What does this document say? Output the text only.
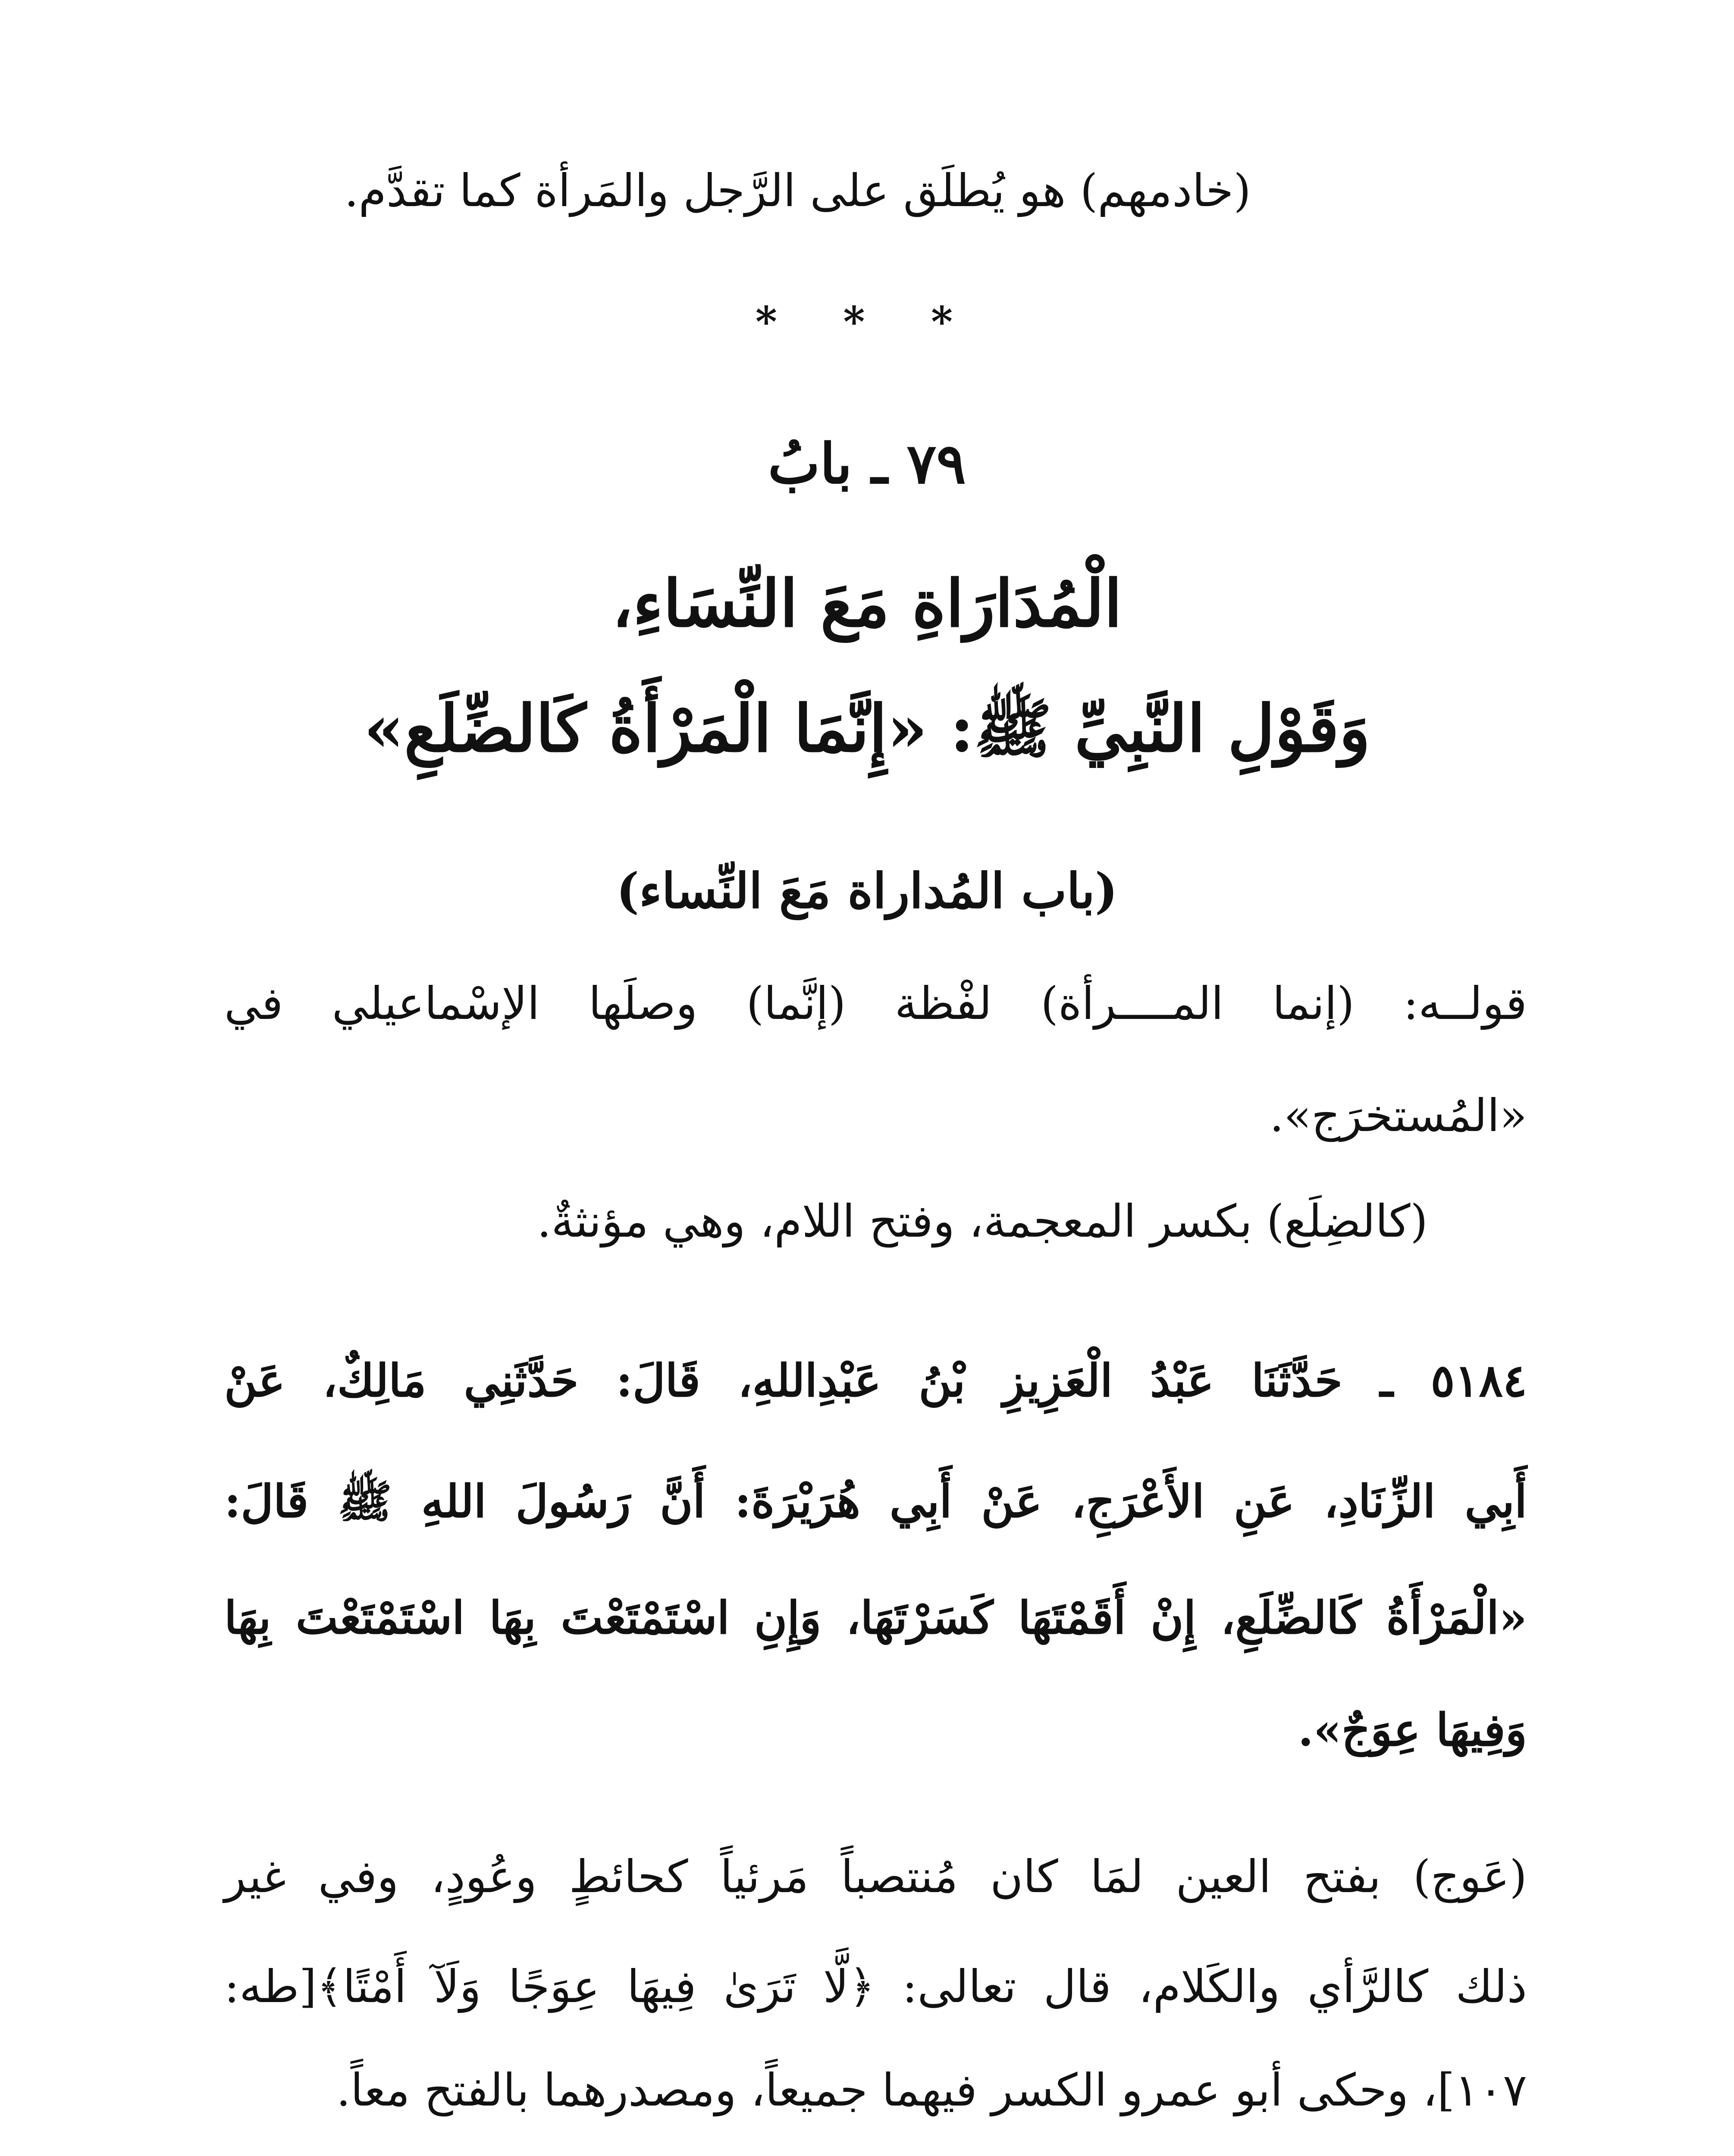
(خادمهم) هو يُطلَق على الرَّجل والمَرأة كما تقدَّم.
* * *
٧٩ ـ بابُ
الْمُدَارَاةِ مَعَ النِّسَاءِ،
وَقَوْلِ النَّبِيِّ ﷺ: «إِنَّمَا الْمَرْأَةُ كَالضِّلَعِ»
(باب المُداراة مَعَ النِّساء)
قولــه: (إنما المــــرأة) لفْظة (إنَّما) وصلَها الإسْماعيلي في
«المُستخرَج».
(كالضِلَع) بكسر المعجمة، وفتح اللام، وهي مؤنثةٌ.
٥١٨٤ ـ حَدَّثَنَا عَبْدُ الْعَزِيزِ بْنُ عَبْدِاللهِ، قَالَ: حَدَّثَنِي مَالِكٌ، عَنْ
أَبِي الزِّنَادِ، عَنِ الأَعْرَجِ، عَنْ أَبِي هُرَيْرَةَ: أَنَّ رَسُولَ اللهِ ﷺ قَالَ:
«الْمَرْأَةُ كَالضِّلَعِ، إِنْ أَقَمْتَهَا كَسَرْتَهَا، وَإِنِ اسْتَمْتَعْتَ بِهَا اسْتَمْتَعْتَ بِهَا
وَفِيهَا عِوَجٌ».
(عَوج) بفتح العين لمَا كان مُنتصباً مَرئياً كحائطٍ وعُودٍ، وفي غير
ذلك كالرَّأي والكَلام، قال تعالى: ﴿لَّا تَرَىٰ فِيهَا عِوَجًا وَلَآ أَمْتًا﴾[طه:
١٠٧]، وحكى أبو عمرو الكسر فيهما جميعاً، ومصدرهما بالفتح معاً.
